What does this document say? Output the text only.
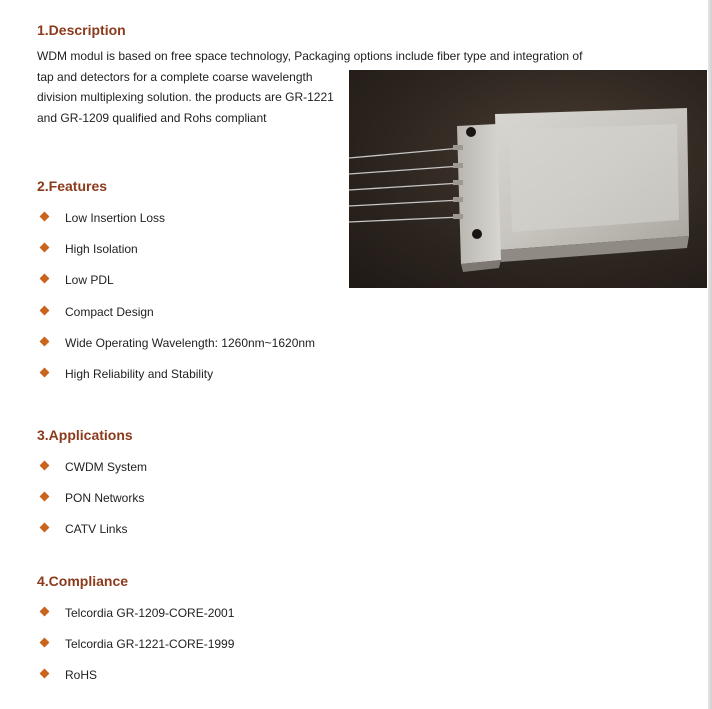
1.Description
WDM modul is based on free space technology, Packaging options include fiber type and integration of
tap and detectors for a complete coarse wavelength
division multiplexing solution. the products are GR-1221
and GR-1209 qualified and Rohs compliant
2.Features
Low Insertion Loss
High Isolation
Low PDL
Compact Design
Wide Operating Wavelength: 1260nm~1620nm
High Reliability and Stability
3.Applications
CWDM System
PON Networks
CATV Links
4.Compliance
Telcordia GR-1209-CORE-2001
Telcordia GR-1221-CORE-1999
RoHS
